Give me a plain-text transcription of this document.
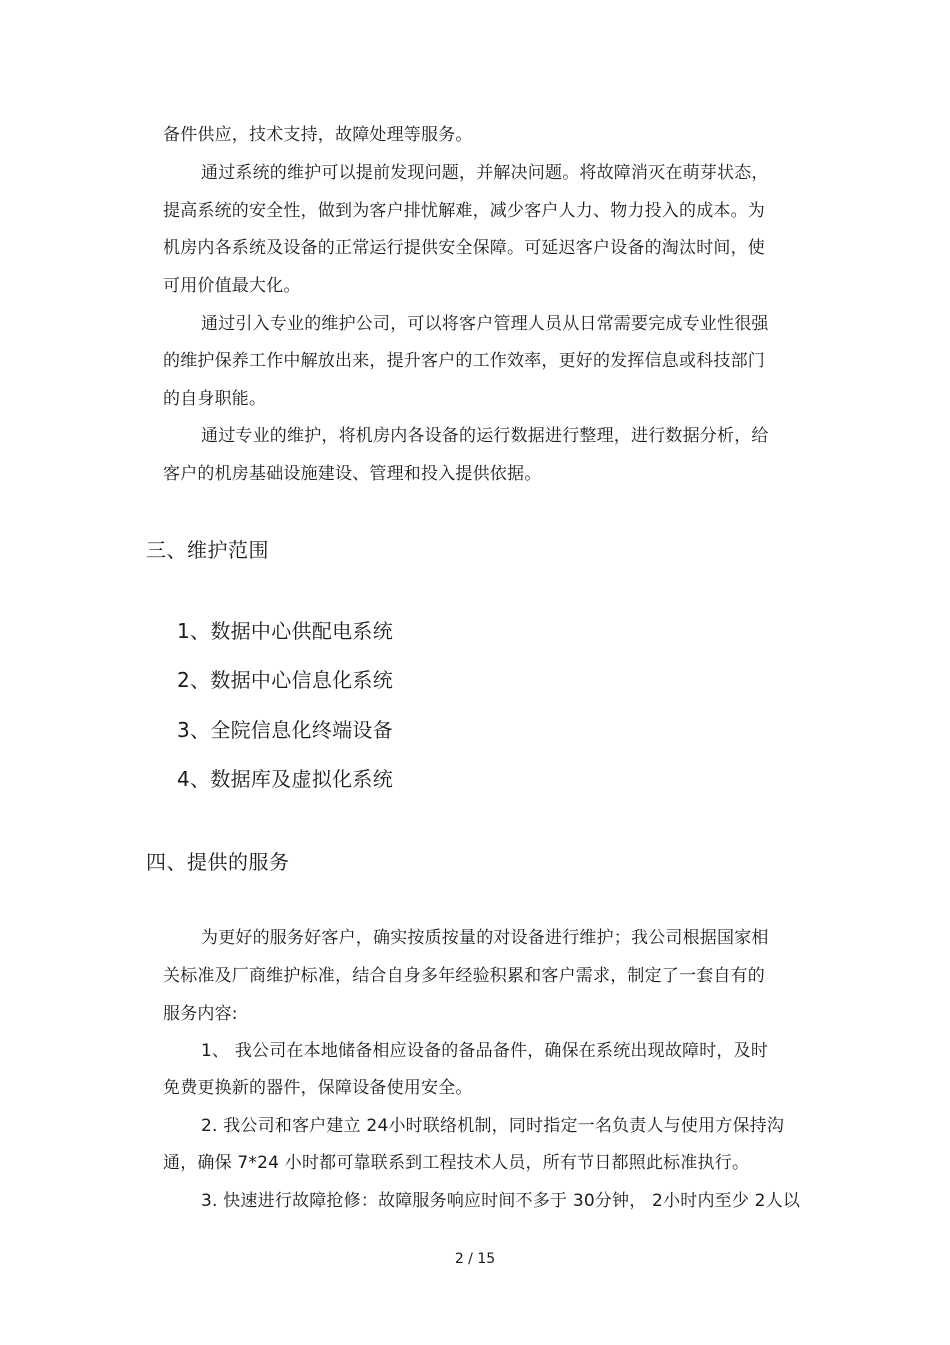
备件供应，技术支持，故障处理等服务。
通过系统的维护可以提前发现问题，并解决问题。将故障消灭在萌芽状态，
提高系统的安全性，做到为客户排忧解难，减少客户人力、物力投入的成本。为
机房内各系统及设备的正常运行提供安全保障。可延迟客户设备的淘汰时间，使
可用价值最大化。
通过引入专业的维护公司，可以将客户管理人员从日常需要完成专业性很强
的维护保养工作中解放出来，提升客户的工作效率，更好的发挥信息或科技部门
的自身职能。
通过专业的维护，将机房内各设备的运行数据进行整理，进行数据分析，给
客户的机房基础设施建设、管理和投入提供依据。
三、维护范围
1、数据中心供配电系统
2、数据中心信息化系统
3、全院信息化终端设备
4、数据库及虚拟化系统
四、提供的服务
为更好的服务好客户，确实按质按量的对设备进行维护；我公司根据国家相
关标准及厂商维护标准，结合自身多年经验积累和客户需求，制定了一套自有的
服务内容:
1、 我公司在本地储备相应设备的备品备件，确保在系统出现故障时，及时
免费更换新的器件，保障设备使用安全。
2. 我公司和客户建立 24小时联络机制，同时指定一名负责人与使用方保持沟
通，确保 7*24 小时都可靠联系到工程技术人员，所有节日都照此标准执行。
3. 快速进行故障抢修：故障服务响应时间不多于 30分钟， 2小时内至少 2人以
2 / 15
